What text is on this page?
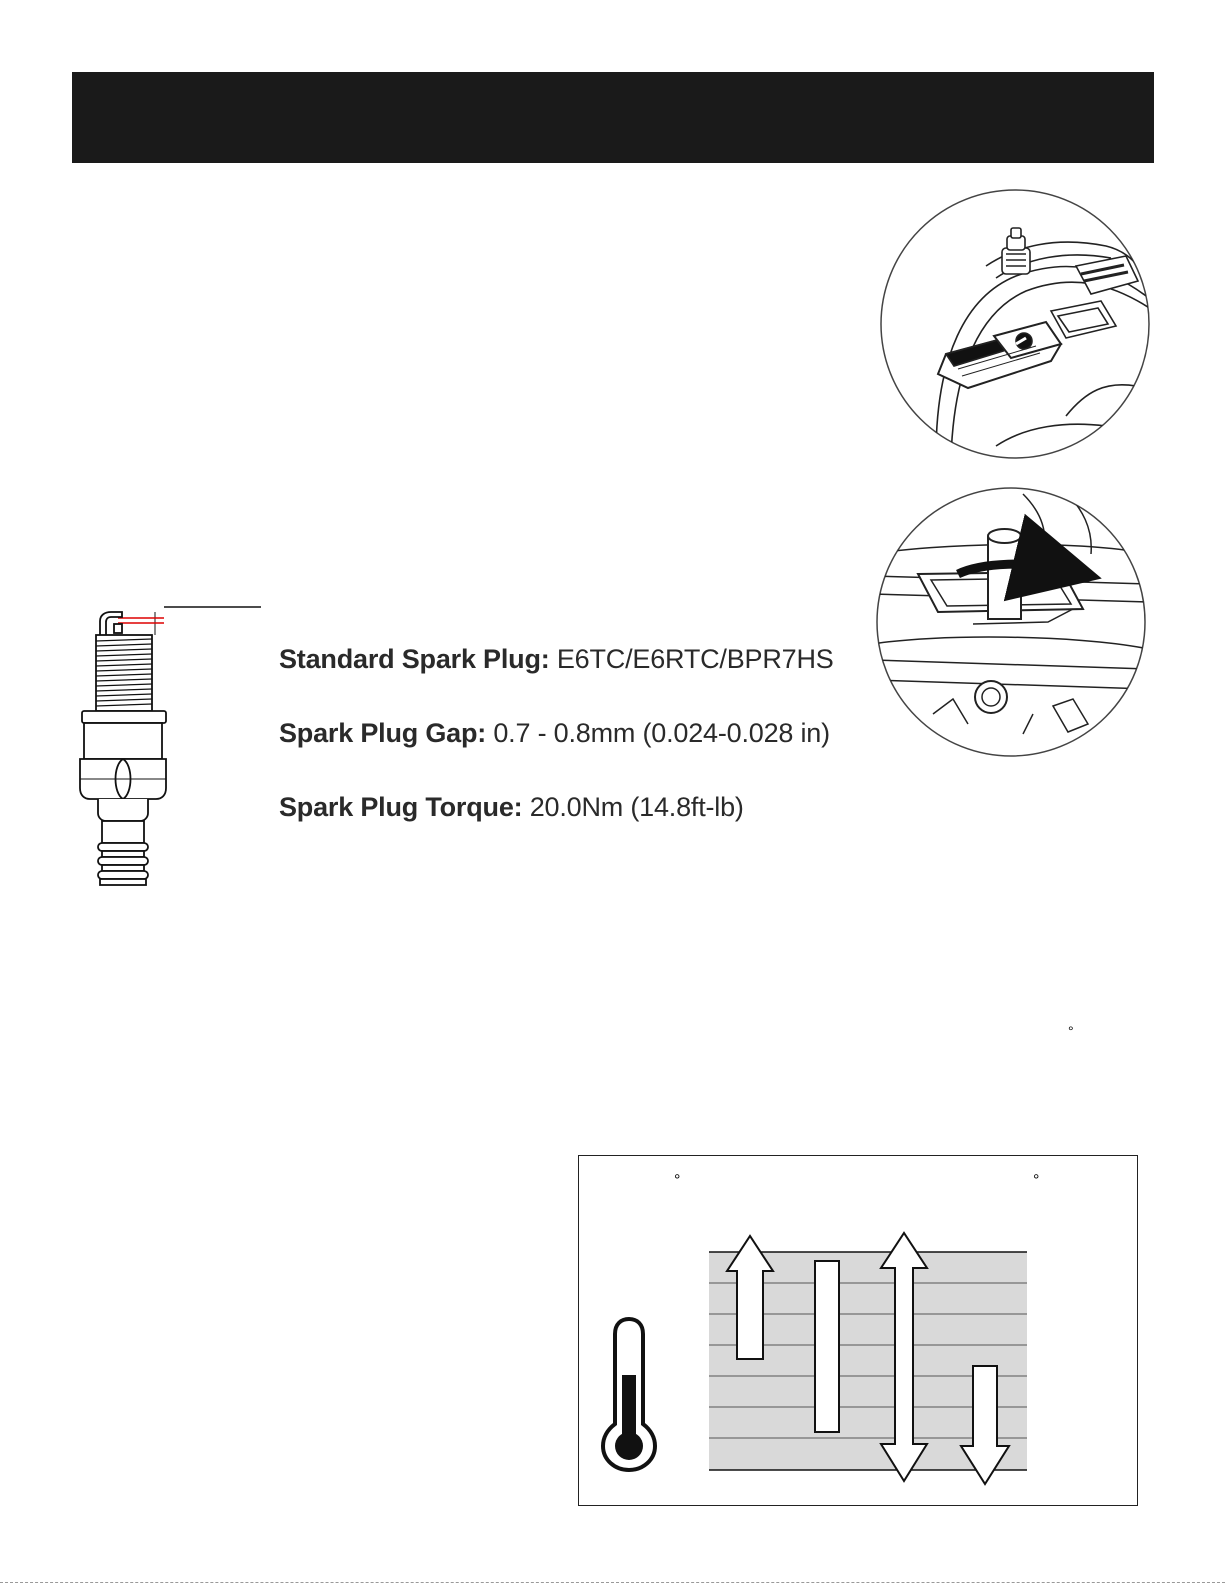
Standard Spark Plug: E6TC/E6RTC/BPR7HS
Spark Plug Gap: 0.7 - 0.8mm (0.024-0.028 in)
Spark Plug Torque: 20.0Nm (14.8ft-lb)
°
°	°
